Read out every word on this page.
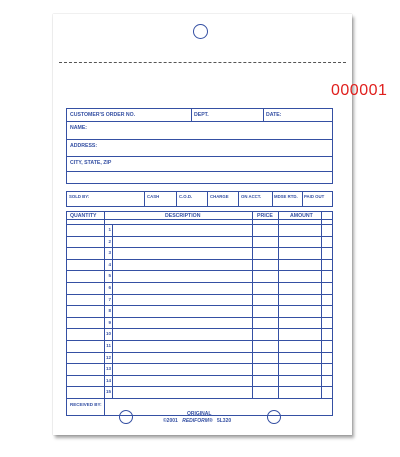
000001
CUSTOMER'S ORDER NO.	DEPT.	DATE:
NAME:
ADDRESS:
CITY, STATE, ZIP
SOLD BY:	CASH	C.O.D.	CHARGE	ON ACCT.	MDSE RTD. PAID OUT
QUANTITY	DESCRIPTION	PRICE	AMOUNT
1
2
3
4
5
6
7
8
9
10
11
12
13
14
15
RECEIVED BY:
ORIGINAL
©2001 REDIFORM® 5L320
